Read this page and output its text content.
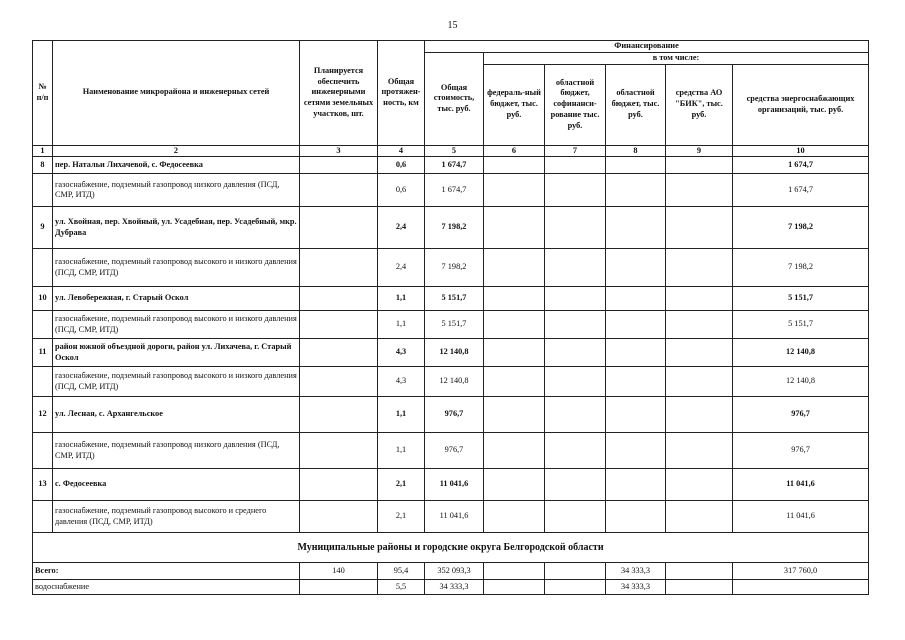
15
№ п/п	Наименование микрорайона и инженерных сетей	Планируется обеспечить инженерными сетями земельных участков, шт.	Общая протяжен-ность, км	Финансирование					
				Общая стоимость, тыс. руб.	в том числе:				
					федераль-ный бюджет, тыс. руб.	областной бюджет, софинанси-рование тыс. руб.	областной бюджет, тыс. руб.	средства АО "БИК", тыс. руб.	средства энергоснабжающих организаций, тыс. руб.
1	2	3	4	5	6	7	8	9	10
8	пер. Натальи Лихачевой, с. Федосеевка		0,6	1 674,7					1 674,7
	газоснабжение, подземный газопровод низкого давления (ПСД, СМР, ИТД)		0,6	1 674,7					1 674,7
9	ул. Хвойная, пер. Хвойный, ул. Усадебная, пер. Усадебный, мкр. Дубрава		2,4	7 198,2					7 198,2
	газоснабжение, подземный газопровод высокого и низкого давления (ПСД, СМР, ИТД)		2,4	7 198,2					7 198,2
10	ул. Левобережная, г. Старый Оскол		1,1	5 151,7					5 151,7
	газоснабжение, подземный газопровод высокого и низкого давления (ПСД, СМР, ИТД)		1,1	5 151,7					5 151,7
11	район южной объездной дороги, район ул. Лихачева, г. Старый Оскол		4,3	12 140,8					12 140,8
	газоснабжение, подземный газопровод высокого и низкого давления (ПСД, СМР, ИТД)		4,3	12 140,8					12 140,8
12	ул. Лесная, с. Архангельское		1,1	976,7					976,7
	газоснабжение, подземный газопровод низкого давления (ПСД, СМР, ИТД)		1,1	976,7					976,7
13	с. Федосеевка		2,1	11 041,6					11 041,6
	газоснабжение, подземный газопровод высокого и среднего давления (ПСД, СМР, ИТД)		2,1	11 041,6					11 041,6
Муниципальные районы и городские округа Белгородской области									
Всего:		140	95,4	352 093,3			34 333,3		317 760,0
водоснабжение			5,5	34 333,3			34 333,3		
